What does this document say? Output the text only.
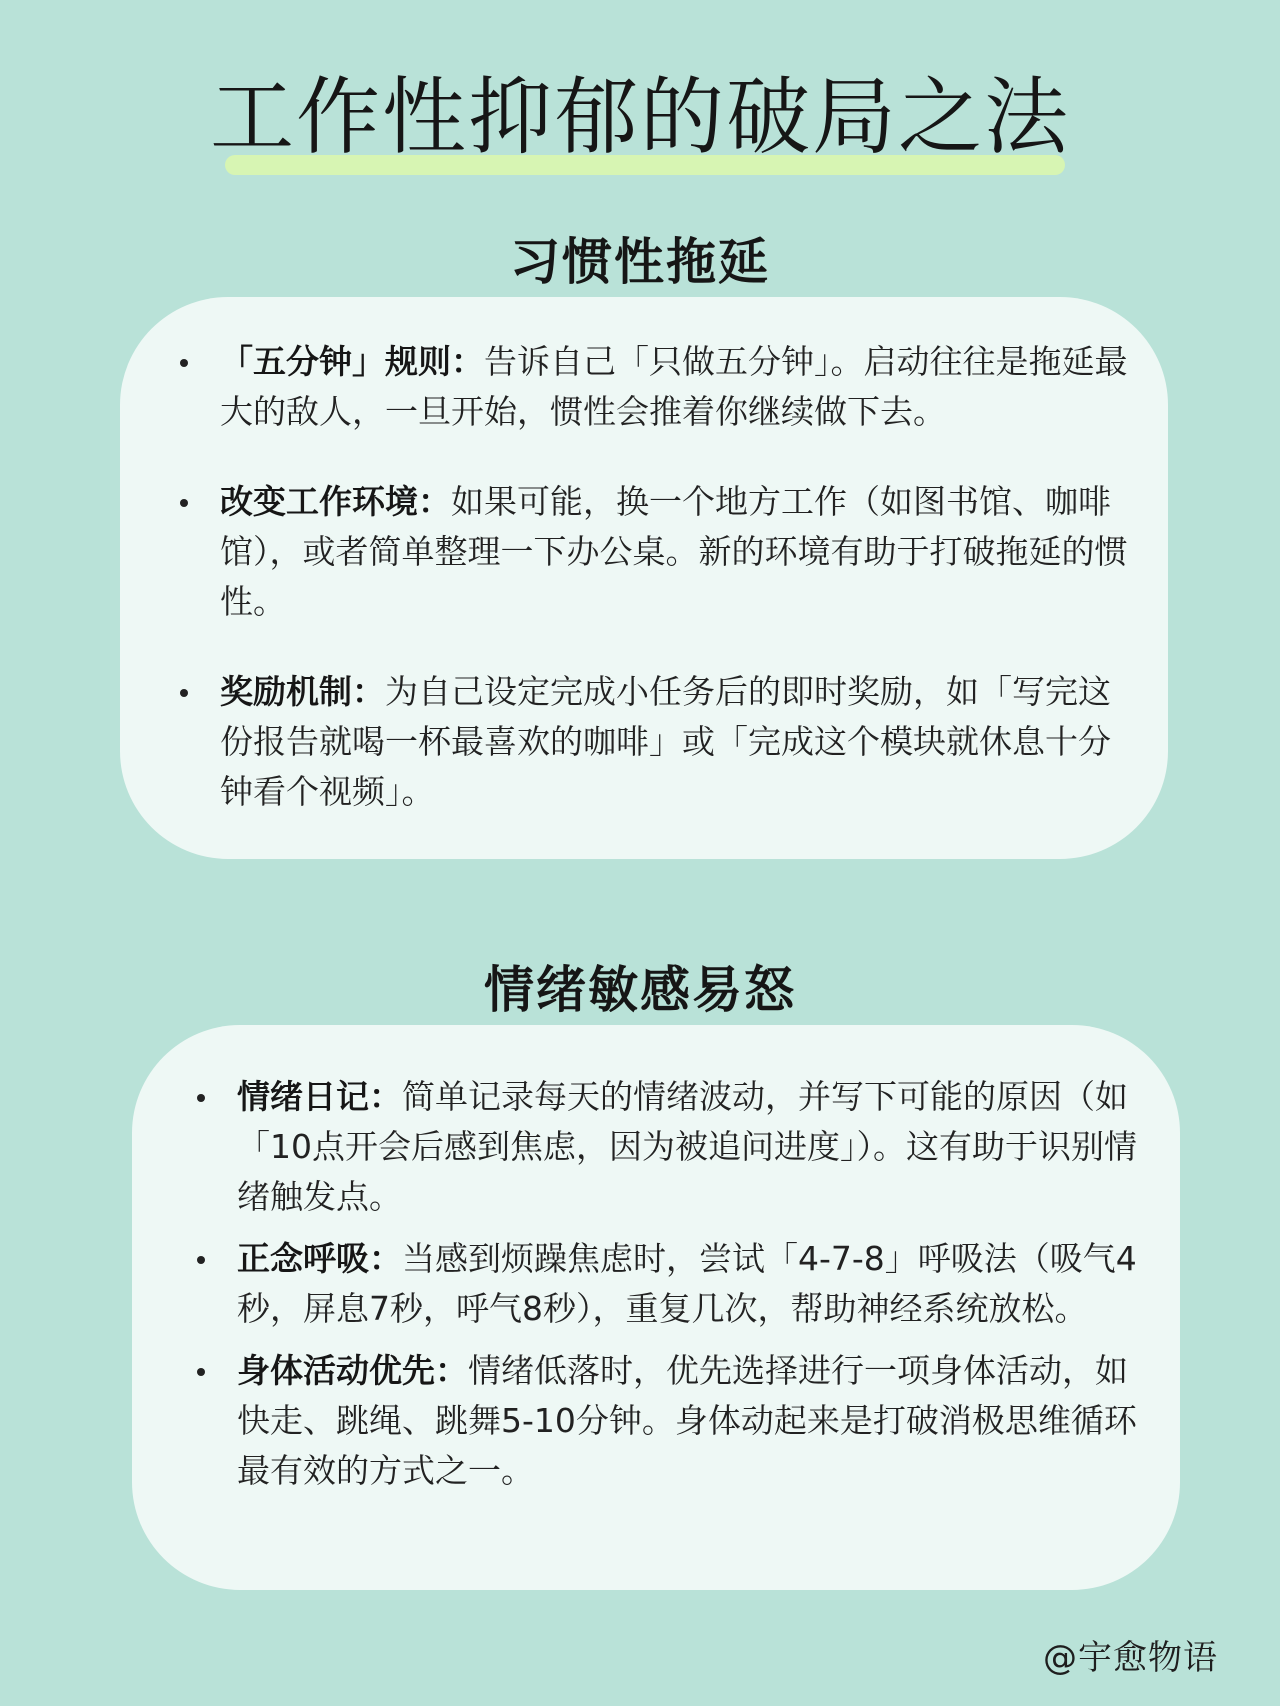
工作性抑郁的破局之法
习惯性拖延
「五分钟」规则：告诉自己「只做五分钟」。启动往往是拖延最大的敌人，一旦开始，惯性会推着你继续做下去。
改变工作环境：如果可能，换一个地方工作（如图书馆、咖啡馆），或者简单整理一下办公桌。新的环境有助于打破拖延的惯性。
奖励机制：为自己设定完成小任务后的即时奖励，如「写完这份报告就喝一杯最喜欢的咖啡」或「完成这个模块就休息十分钟看个视频」。
情绪敏感易怒
情绪日记：简单记录每天的情绪波动，并写下可能的原因（如「10点开会后感到焦虑，因为被追问进度」）。这有助于识别情绪触发点。
正念呼吸：当感到烦躁焦虑时，尝试「4-7-8」呼吸法（吸气4秒，屏息7秒，呼气8秒），重复几次，帮助神经系统放松。
身体活动优先：情绪低落时，优先选择进行一项身体活动，如快走、跳绳、跳舞5-10分钟。身体动起来是打破消极思维循环最有效的方式之一。
@宇愈物语
